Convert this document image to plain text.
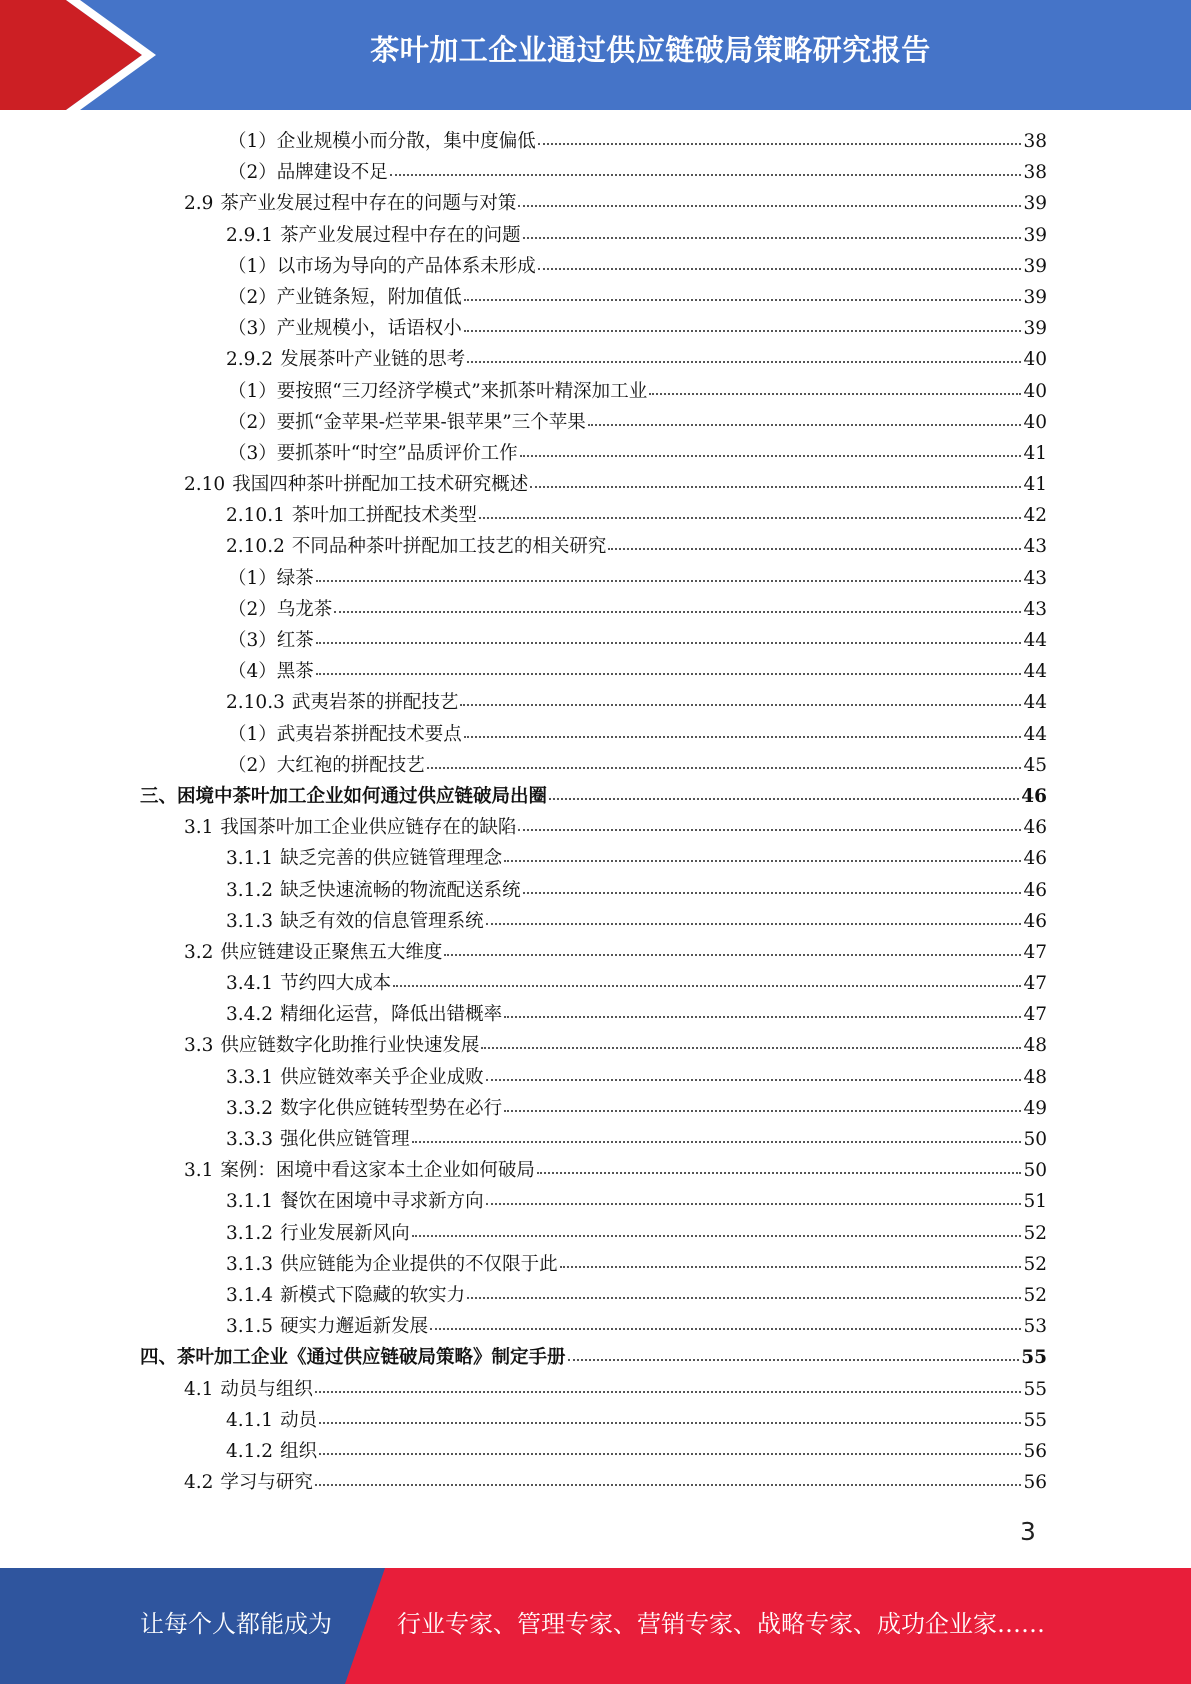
茶叶加工企业通过供应链破局策略研究报告
（1）企业规模小而分散，集中度偏低	38
（2）品牌建设不足	38
2.9 茶产业发展过程中存在的问题与对策	39
2.9.1 茶产业发展过程中存在的问题	39
（1）以市场为导向的产品体系未形成	39
（2）产业链条短，附加值低	39
（3）产业规模小，话语权小	39
2.9.2 发展茶叶产业链的思考	40
（1）要按照“三刀经济学模式”来抓茶叶精深加工业	40
（2）要抓“金苹果-烂苹果-银苹果”三个苹果	40
（3）要抓茶叶“时空”品质评价工作	41
2.10 我国四种茶叶拼配加工技术研究概述	41
2.10.1 茶叶加工拼配技术类型	42
2.10.2 不同品种茶叶拼配加工技艺的相关研究	43
（1）绿茶	43
（2）乌龙茶	43
（3）红茶	44
（4）黑茶	44
2.10.3 武夷岩茶的拼配技艺	44
（1）武夷岩茶拼配技术要点	44
（2）大红袍的拼配技艺	45
三、困境中茶叶加工企业如何通过供应链破局出圈	46
3.1 我国茶叶加工企业供应链存在的缺陷	46
3.1.1 缺乏完善的供应链管理理念	46
3.1.2 缺乏快速流畅的物流配送系统	46
3.1.3 缺乏有效的信息管理系统	46
3.2 供应链建设正聚焦五大维度	47
3.4.1 节约四大成本	47
3.4.2 精细化运营，降低出错概率	47
3.3 供应链数字化助推行业快速发展	48
3.3.1 供应链效率关乎企业成败	48
3.3.2 数字化供应链转型势在必行	49
3.3.3 强化供应链管理	50
3.1 案例：困境中看这家本土企业如何破局	50
3.1.1 餐饮在困境中寻求新方向	51
3.1.2 行业发展新风向	52
3.1.3 供应链能为企业提供的不仅限于此	52
3.1.4 新模式下隐藏的软实力	52
3.1.5 硬实力邂逅新发展	53
四、茶叶加工企业《通过供应链破局策略》制定手册	55
4.1 动员与组织	55
4.1.1 动员	55
4.1.2 组织	56
4.2 学习与研究	56
3
让每个人都能成为	行业专家、管理专家、营销专家、战略专家、成功企业家……
